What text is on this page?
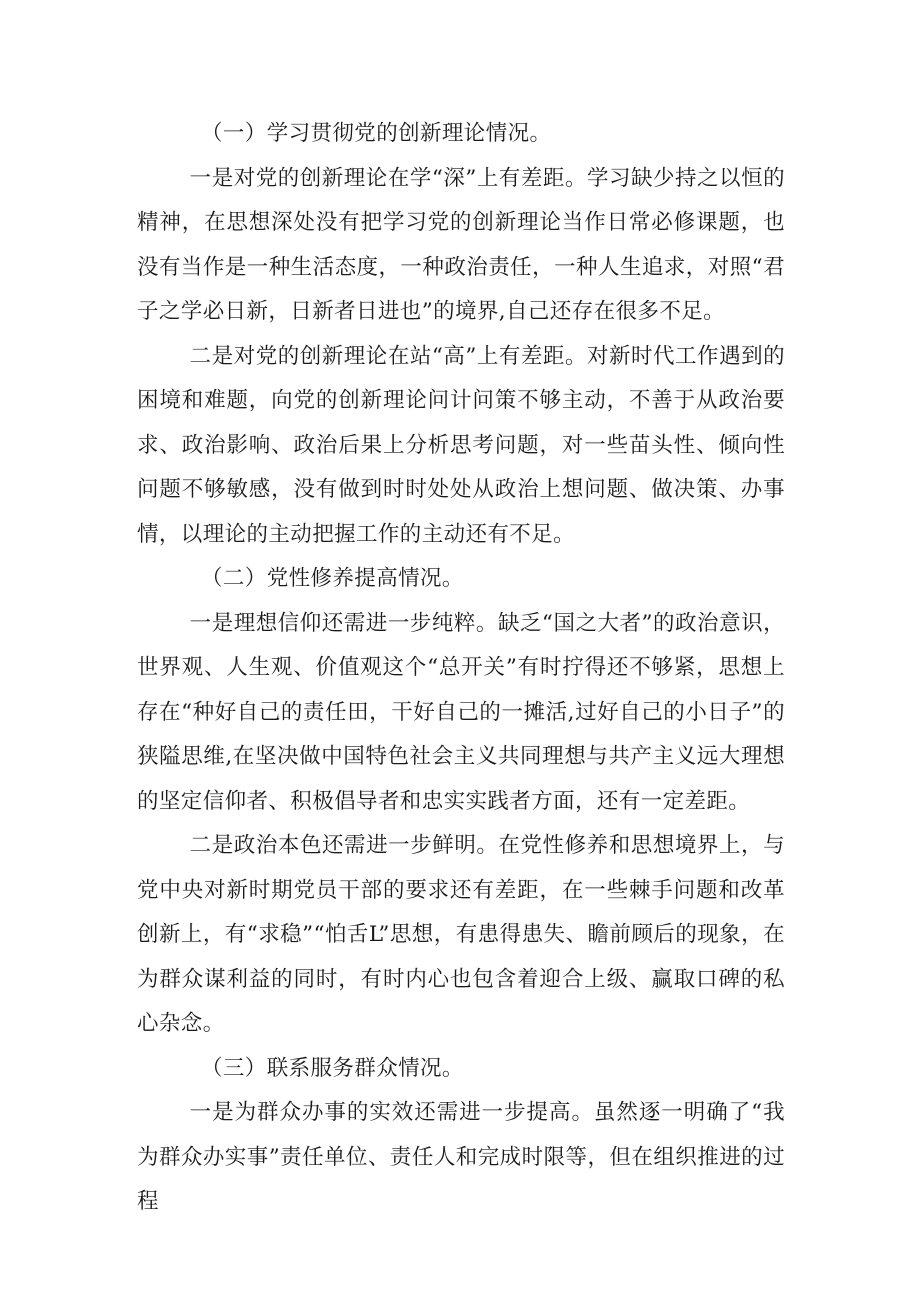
（一）学习贯彻党的创新理论情况。

一是对党的创新理论在学“深”上有差距。学习缺少持之以恒的精神，在思想深处没有把学习党的创新理论当作日常必修课题，也没有当作是一种生活态度，一种政治责任，一种人生追求，对照“君子之学必日新，日新者日进也”的境界,自己还存在很多不足。

二是对党的创新理论在站“高”上有差距。对新时代工作遇到的困境和难题，向党的创新理论问计问策不够主动，不善于从政治要求、政治影响、政治后果上分析思考问题，对一些苗头性、倾向性问题不够敏感，没有做到时时处处从政治上想问题、做决策、办事情，以理论的主动把握工作的主动还有不足。

（二）党性修养提高情况。

一是理想信仰还需进一步纯粹。缺乏“国之大者”的政治意识，世界观、人生观、价值观这个“总开关”有时拧得还不够紧，思想上存在“种好自己的责任田，干好自己的一摊活,过好自己的小日子”的狭隘思维,在坚决做中国特色社会主义共同理想与共产主义远大理想的坚定信仰者、积极倡导者和忠实实践者方面，还有一定差距。

二是政治本色还需进一步鲜明。在党性修养和思想境界上，与党中央对新时期党员干部的要求还有差距，在一些棘手问题和改革创新上，有“求稳”“怕舌L”思想，有患得患失、瞻前顾后的现象，在为群众谋利益的同时，有时内心也包含着迎合上级、赢取口碑的私心杂念。

（三）联系服务群众情况。

一是为群众办事的实效还需进一步提高。虽然逐一明确了“我为群众办实事”责任单位、责任人和完成时限等，但在组织推进的过程
